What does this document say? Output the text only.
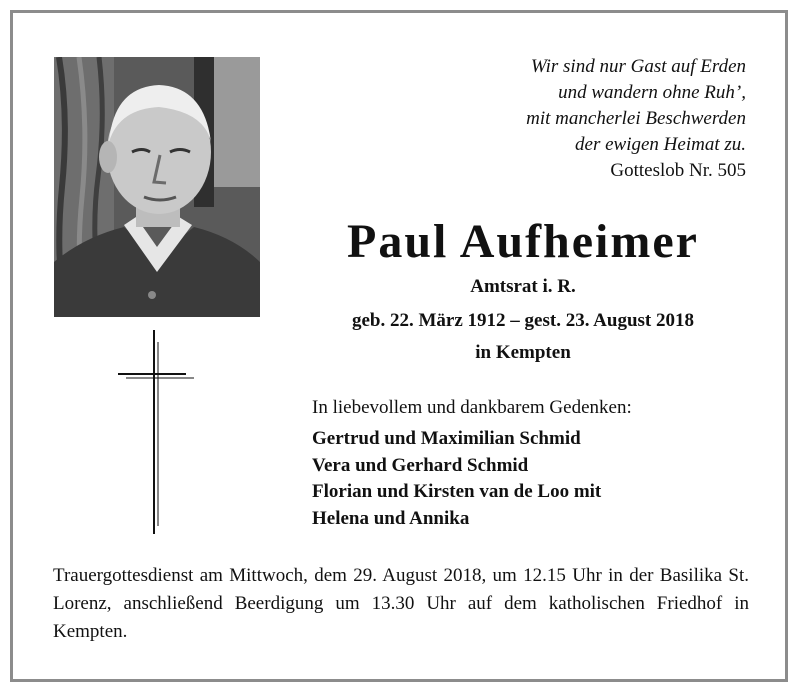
Wir sind nur Gast auf Erden
und wandern ohne Ruh’,
mit mancherlei Beschwerden
der ewigen Heimat zu.
Gotteslob Nr. 505
Paul Aufheimer
Amtsrat i. R.
geb. 22. März 1912 – gest. 23. August 2018
in Kempten
In liebevollem und dankbarem Gedenken:
Gertrud und Maximilian Schmid
Vera und Gerhard Schmid
Florian und Kirsten van de Loo mit
Helena und Annika
Trauergottesdienst am Mittwoch, dem 29. August 2018, um 12.15 Uhr in der Basilika St. Lorenz, anschließend Beerdigung um 13.30 Uhr auf dem katholischen Friedhof in Kempten.
